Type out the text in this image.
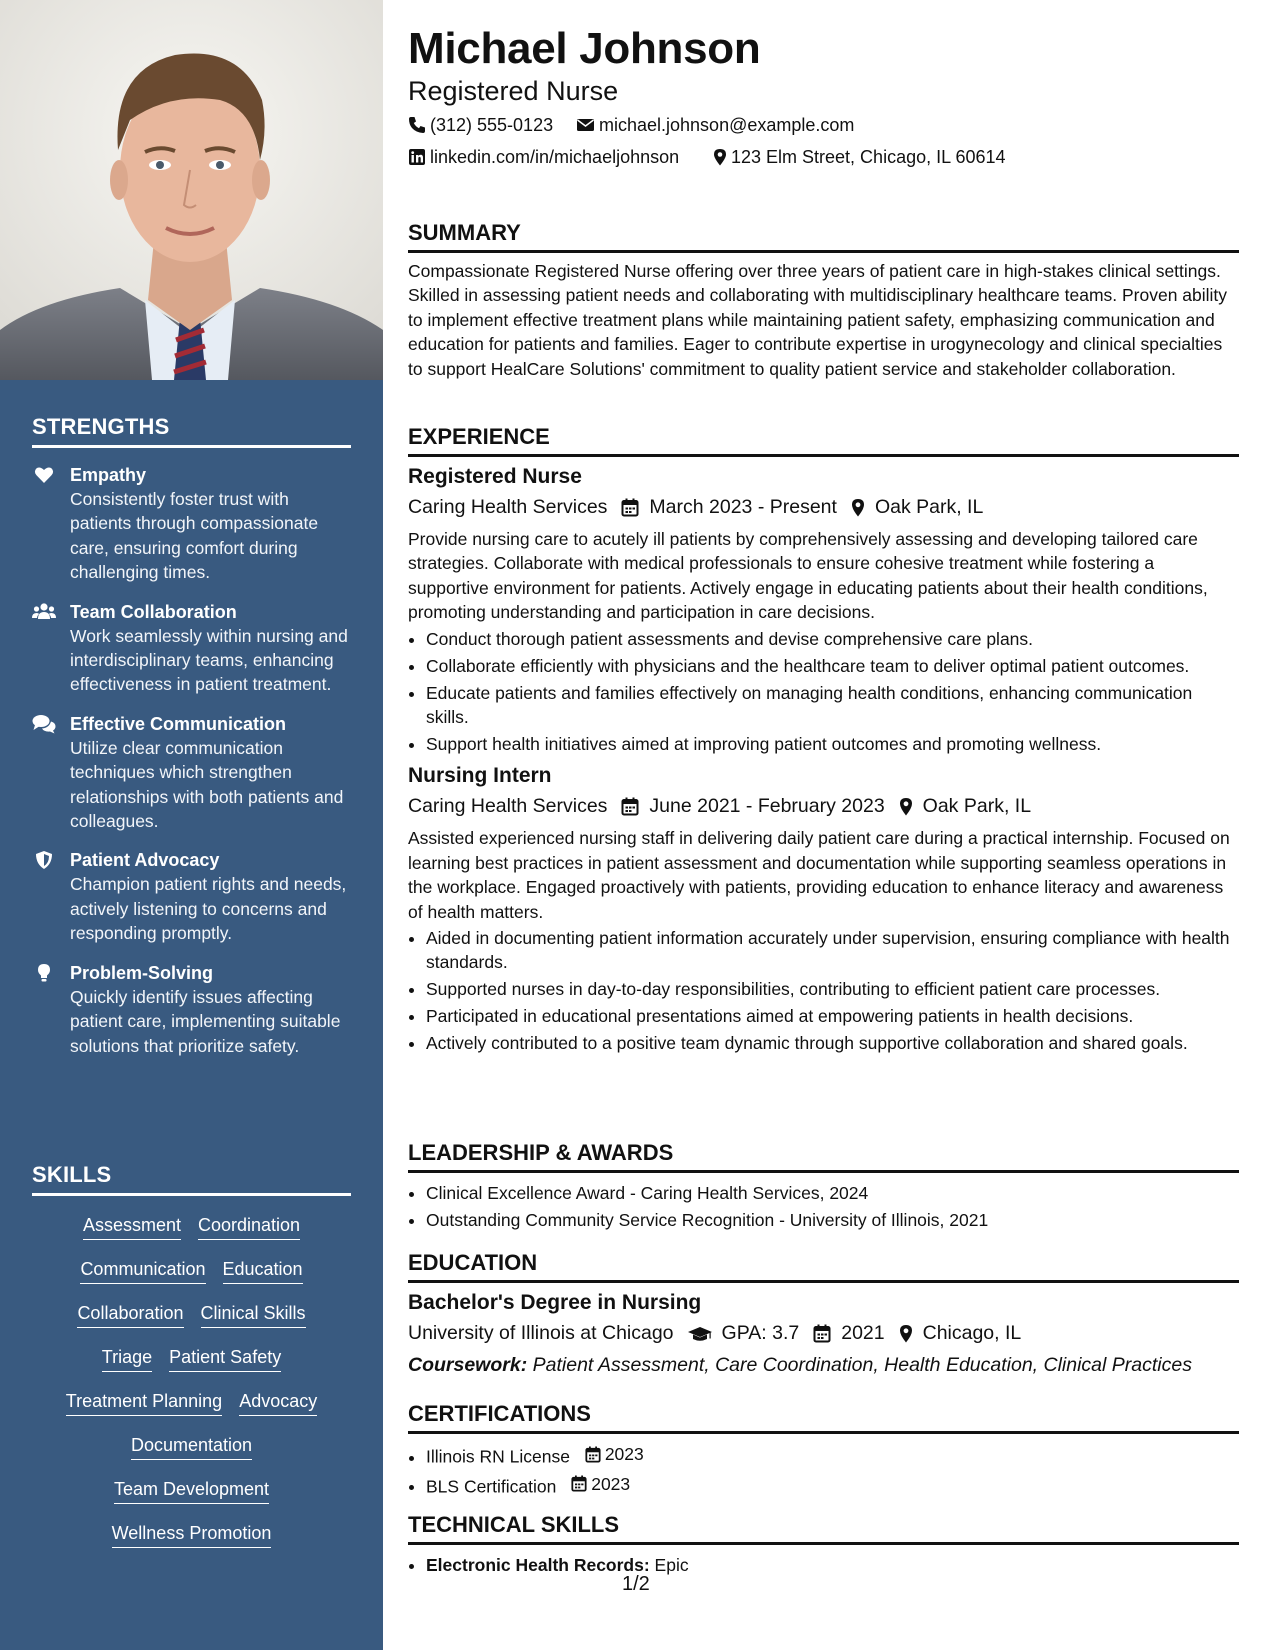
STRENGTHS
Empathy
Consistently foster trust with patients through compassionate care, ensuring comfort during challenging times.
Team Collaboration
Work seamlessly within nursing and interdisciplinary teams, enhancing effectiveness in patient treatment.
Effective Communication
Utilize clear communication techniques which strengthen relationships with both patients and colleagues.
Patient Advocacy
Champion patient rights and needs, actively listening to concerns and responding promptly.
Problem-Solving
Quickly identify issues affecting patient care, implementing suitable solutions that prioritize safety.
SKILLS
Assessment Coordination
Communication Education
Collaboration Clinical Skills
Triage Patient Safety
Treatment Planning Advocacy
Documentation
Team Development
Wellness Promotion
Michael Johnson
Registered Nurse
(312) 555-0123	michael.johnson@example.com
linkedin.com/in/michaeljohnson	123 Elm Street, Chicago, IL 60614
SUMMARY
Compassionate Registered Nurse offering over three years of patient care in high-stakes clinical settings. Skilled in assessing patient needs and collaborating with multidisciplinary healthcare teams. Proven ability to implement effective treatment plans while maintaining patient safety, emphasizing communication and education for patients and families. Eager to contribute expertise in urogynecology and clinical specialties to support HealCare Solutions' commitment to quality patient service and stakeholder collaboration.
EXPERIENCE
Registered Nurse
Caring Health Services March 2023 - Present Oak Park, IL
Provide nursing care to acutely ill patients by comprehensively assessing and developing tailored care strategies. Collaborate with medical professionals to ensure cohesive treatment while fostering a supportive environment for patients. Actively engage in educating patients about their health conditions, promoting understanding and participation in care decisions.
• Conduct thorough patient assessments and devise comprehensive care plans.
• Collaborate efficiently with physicians and the healthcare team to deliver optimal patient outcomes.
• Educate patients and families effectively on managing health conditions, enhancing communication skills.
• Support health initiatives aimed at improving patient outcomes and promoting wellness.
Nursing Intern
Caring Health Services June 2021 - February 2023 Oak Park, IL
Assisted experienced nursing staff in delivering daily patient care during a practical internship. Focused on learning best practices in patient assessment and documentation while supporting seamless operations in the workplace. Engaged proactively with patients, providing education to enhance literacy and awareness of health matters.
• Aided in documenting patient information accurately under supervision, ensuring compliance with health standards.
• Supported nurses in day-to-day responsibilities, contributing to efficient patient care processes.
• Participated in educational presentations aimed at empowering patients in health decisions.
• Actively contributed to a positive team dynamic through supportive collaboration and shared goals.
LEADERSHIP & AWARDS
• Clinical Excellence Award - Caring Health Services, 2024
• Outstanding Community Service Recognition - University of Illinois, 2021
EDUCATION
Bachelor's Degree in Nursing
University of Illinois at Chicago GPA: 3.7 2021 Chicago, IL
Coursework: Patient Assessment, Care Coordination, Health Education, Clinical Practices
CERTIFICATIONS
• Illinois RN License 2023
• BLS Certification 2023
TECHNICAL SKILLS
• Electronic Health Records: Epic
1/2
